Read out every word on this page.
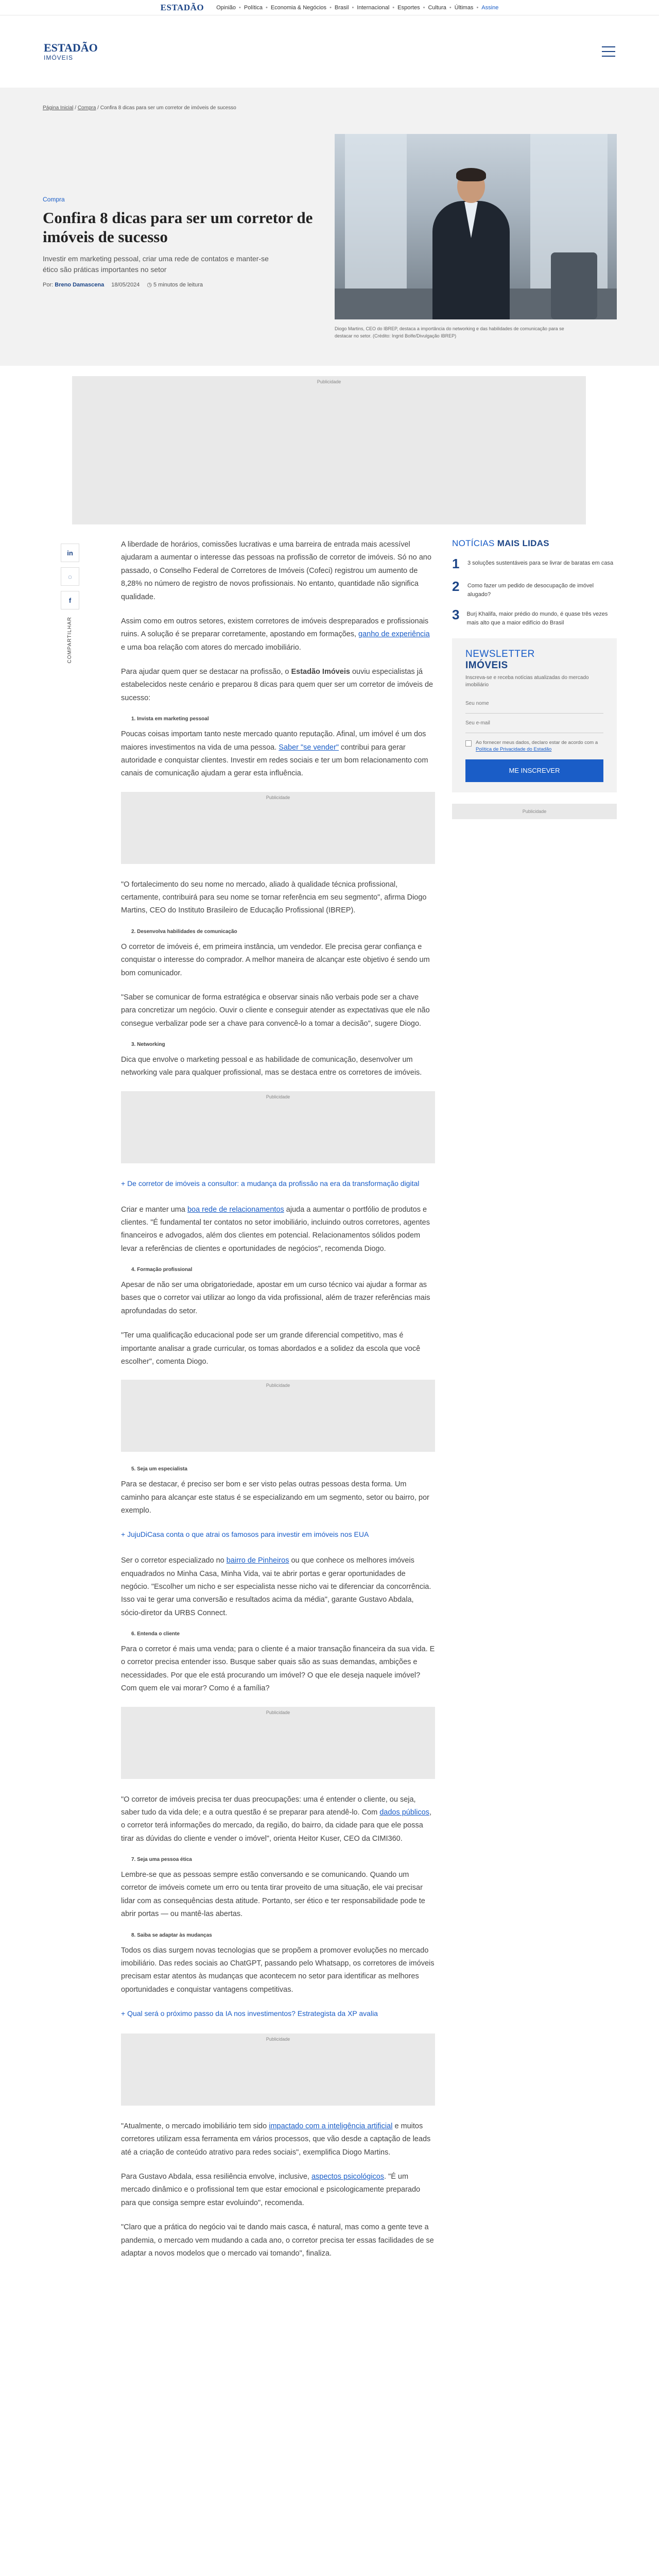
ESTADÃO Opinião • Política • Economia & Negócios • Brasil • Internacional • Esportes • Cultura • Últimas • Assine
ESTADÃO
IMÓVEIS
Página Inicial / Compra / Confira 8 dicas para ser um corretor de imóveis de sucesso
Compra
Confira 8 dicas para ser um corretor de imóveis de sucesso

Investir em marketing pessoal, criar uma rede de contatos e manter-se ético são práticas importantes no setor

Por: Breno Damascena 18/05/2024 ◷ 5 minutos de leitura
Diogo Martins, CEO do IBREP, destaca a importância do networking e das habilidades de comunicação para se destacar no setor. (Crédito: Ingrid Bolfe/Divulgação IBREP)
Publicidade
in
◌
f
COMPARTILHAR

A liberdade de horários, comissões lucrativas e uma barreira de entrada mais acessível ajudaram a aumentar o interesse das pessoas na profissão de corretor de imóveis. Só no ano passado, o Conselho Federal de Corretores de Imóveis (Cofeci) registrou um aumento de 8,28% no número de registro de novos profissionais. No entanto, quantidade não significa qualidade.

Assim como em outros setores, existem corretores de imóveis despreparados e profissionais ruins. A solução é se preparar corretamente, apostando em formações, ganho de experiência e uma boa relação com atores do mercado imobiliário.

Para ajudar quem quer se destacar na profissão, o Estadão Imóveis ouviu especialistas já estabelecidos neste cenário e preparou 8 dicas para quem quer ser um corretor de imóveis de sucesso:

1. Invista em marketing pessoal

Poucas coisas importam tanto neste mercado quanto reputação. Afinal, um imóvel é um dos maiores investimentos na vida de uma pessoa. Saber "se vender" contribui para gerar autoridade e conquistar clientes. Investir em redes sociais e ter um bom relacionamento com canais de comunicação ajudam a gerar esta influência.

Publicidade

"O fortalecimento do seu nome no mercado, aliado à qualidade técnica profissional, certamente, contribuirá para seu nome se tornar referência em seu segmento", afirma Diogo Martins, CEO do Instituto Brasileiro de Educação Profissional (IBREP).

2. Desenvolva habilidades de comunicação

O corretor de imóveis é, em primeira instância, um vendedor. Ele precisa gerar confiança e conquistar o interesse do comprador. A melhor maneira de alcançar este objetivo é sendo um bom comunicador.

"Saber se comunicar de forma estratégica e observar sinais não verbais pode ser a chave para concretizar um negócio. Ouvir o cliente e conseguir atender as expectativas que ele não consegue verbalizar pode ser a chave para convencê-lo a tomar a decisão", sugere Diogo.

3. Networking

Dica que envolve o marketing pessoal e as habilidade de comunicação, desenvolver um networking vale para qualquer profissional, mas se destaca entre os corretores de imóveis.

Publicidade
+ De corretor de imóveis a consultor: a mudança da profissão na era da transformação digital

Criar e manter uma boa rede de relacionamentos ajuda a aumentar o portfólio de produtos e clientes. "É fundamental ter contatos no setor imobiliário, incluindo outros corretores, agentes financeiros e advogados, além dos clientes em potencial. Relacionamentos sólidos podem levar a referências de clientes e oportunidades de negócios", recomenda Diogo.

4. Formação profissional

Apesar de não ser uma obrigatoriedade, apostar em um curso técnico vai ajudar a formar as bases que o corretor vai utilizar ao longo da vida profissional, além de trazer referências mais aprofundadas do setor.

"Ter uma qualificação educacional pode ser um grande diferencial competitivo, mas é importante analisar a grade curricular, os tomas abordados e a solidez da escola que você escolher", comenta Diogo.

Publicidade
5. Seja um especialista

Para se destacar, é preciso ser bom e ser visto pelas outras pessoas desta forma. Um caminho para alcançar este status é se especializando em um segmento, setor ou bairro, por exemplo.

+ JujuDiCasa conta o que atrai os famosos para investir em imóveis nos EUA

Ser o corretor especializado no bairro de Pinheiros ou que conhece os melhores imóveis enquadrados no Minha Casa, Minha Vida, vai te abrir portas e gerar oportunidades de negócio. "Escolher um nicho e ser especialista nesse nicho vai te diferenciar da concorrência. Isso vai te gerar uma conversão e resultados acima da média", garante Gustavo Abdala, sócio-diretor da URBS Connect.

6. Entenda o cliente

Para o corretor é mais uma venda; para o cliente é a maior transação financeira da sua vida. E o corretor precisa entender isso. Busque saber quais são as suas demandas, ambições e necessidades. Por que ele está procurando um imóvel? O que ele deseja naquele imóvel? Com quem ele vai morar? Como é a família?

Publicidade

"O corretor de imóveis precisa ter duas preocupações: uma é entender o cliente, ou seja, saber tudo da vida dele; e a outra questão é se preparar para atendê-lo. Com dados públicos, o corretor terá informações do mercado, da região, do bairro, da cidade para que ele possa tirar as dúvidas do cliente e vender o imóvel", orienta Heitor Kuser, CEO da CIMI360.

7. Seja uma pessoa ética

Lembre-se que as pessoas sempre estão conversando e se comunicando. Quando um corretor de imóveis comete um erro ou tenta tirar proveito de uma situação, ele vai precisar lidar com as consequências desta atitude. Portanto, ser ético e ter responsabilidade pode te abrir portas — ou mantê-las abertas.

8. Saiba se adaptar às mudanças

Todos os dias surgem novas tecnologias que se propõem a promover evoluções no mercado imobiliário. Das redes sociais ao ChatGPT, passando pelo Whatsapp, os corretores de imóveis precisam estar atentos às mudanças que acontecem no setor para identificar as melhores oportunidades e conquistar vantagens competitivas.

+ Qual será o próximo passo da IA nos investimentos? Estrategista da XP avalia
Publicidade

"Atualmente, o mercado imobiliário tem sido impactado com a inteligência artificial e muitos corretores utilizam essa ferramenta em vários processos, que vão desde a captação de leads até a criação de conteúdo atrativo para redes sociais", exemplifica Diogo Martins.

Para Gustavo Abdala, essa resiliência envolve, inclusive, aspectos psicológicos. "É um mercado dinâmico e o profissional tem que estar emocional e psicologicamente preparado para que consiga sempre estar evoluindo", recomenda.

"Claro que a prática do negócio vai te dando mais casca, é natural, mas como a gente teve a pandemia, o mercado vem mudando a cada ano, o corretor precisa ter essas facilidades de se adaptar a novos modelos que o mercado vai tomando", finaliza.

NOTÍCIAS MAIS LIDAS
1 3 soluções sustentáveis para se livrar de baratas em casa
2 Como fazer um pedido de desocupação de imóvel alugado?
3 Burj Khalifa, maior prédio do mundo, é quase três vezes mais alto que a maior edifício do Brasil
NEWSLETTER
IMÓVEIS
Inscreva-se e receba notícias atualizadas do mercado imobiliário
Seu nome
Seu e-mail
Ao fornecer meus dados, declaro estar de acordo com a Política de Privacidade do Estadão
ME INSCREVER
Publicidade
